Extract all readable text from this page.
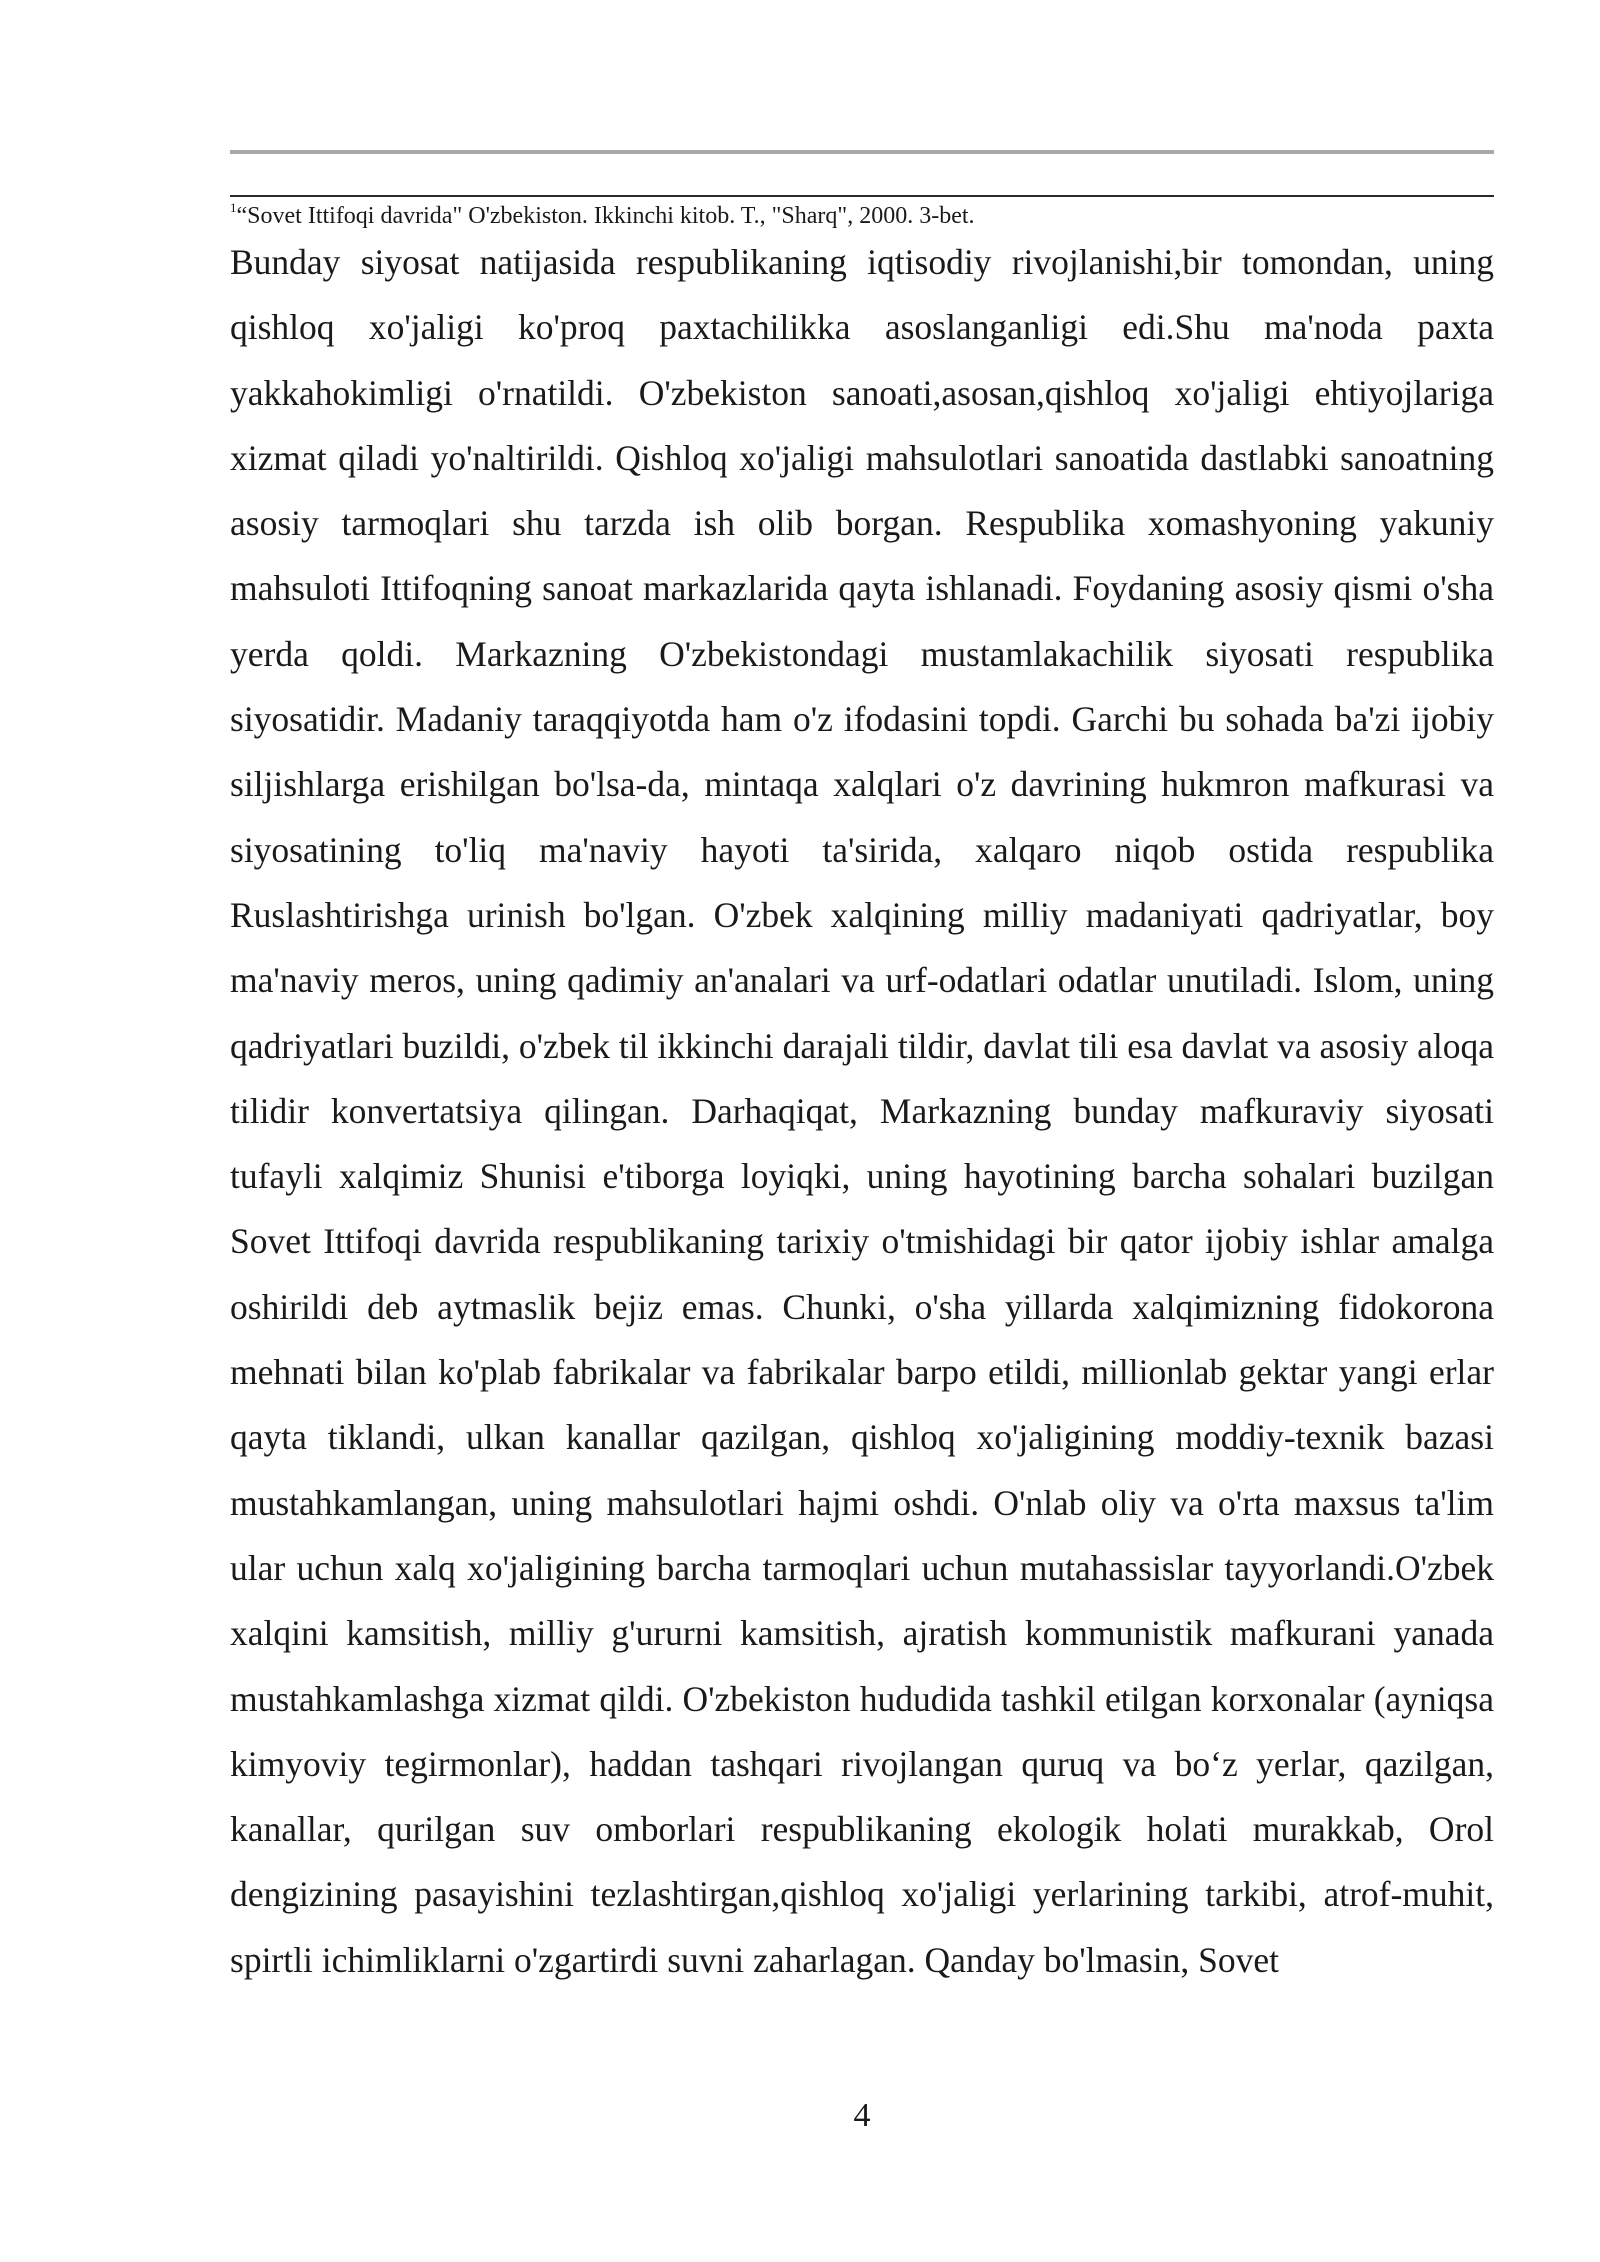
$^1$“Sovet Ittifoqi davrida" O'zbekiston. Ikkinchi kitob. T., "Sharq", 2000. 3-bet.

Bunday siyosat natijasida respublikaning iqtisodiy rivojlanishi,bir tomondan, uning qishloq xo'jaligi ko'proq paxtachilikka asoslanganligi edi.Shu ma'noda paxta yakkahokimligi o'rnatildi. O'zbekiston sanoati,asosan,qishloq xo'jaligi ehtiyojlariga xizmat qiladi yo'naltirildi. Qishloq xo'jaligi mahsulotlari sanoatida dastlabki sanoatning asosiy tarmoqlari shu tarzda ish olib borgan. Respublika xomashyoning yakuniy mahsuloti Ittifoqning sanoat markazlarida qayta ishlanadi. Foydaning asosiy qismi o'sha yerda qoldi. Markazning O'zbekistondagi mustamlakachilik siyosati respublika siyosatidir. Madaniy taraqqiyotda ham o'z ifodasini topdi. Garchi bu sohada ba'zi ijobiy siljishlarga erishilgan bo'lsa-da, mintaqa xalqlari o'z davrining hukmron mafkurasi va siyosatining to'liq ma'naviy hayoti ta'sirida, xalqaro niqob ostida respublika Ruslashtirishga urinish bo'lgan. O'zbek xalqining milliy madaniyati qadriyatlar, boy ma'naviy meros, uning qadimiy an'analari va urf-odatlari odatlar unutiladi. Islom, uning qadriyatlari buzildi, o'zbek til ikkinchi darajali tildir, davlat tili esa davlat va asosiy aloqa tilidir konvertatsiya qilingan. Darhaqiqat, Markazning bunday mafkuraviy siyosati tufayli xalqimiz Shunisi e'tiborga loyiqki, uning hayotining barcha sohalari buzilgan Sovet Ittifoqi davrida respublikaning tarixiy o'tmishidagi bir qator ijobiy ishlar amalga oshirildi deb aytmaslik bejiz emas. Chunki, o'sha yillarda xalqimizning fidokorona mehnati bilan ko'plab fabrikalar va fabrikalar barpo etildi, millionlab gektar yangi erlar qayta tiklandi, ulkan kanallar qazilgan, qishloq xo'jaligining moddiy-texnik bazasi mustahkamlangan, uning mahsulotlari hajmi oshdi. O'nlab oliy va o'rta maxsus ta'lim ular uchun xalq xo'jaligining barcha tarmoqlari uchun mutahassislar tayyorlandi.O'zbek xalqini kamsitish, milliy g'ururni kamsitish, ajratish kommunistik mafkurani yanada mustahkamlashga xizmat qildi. O'zbekiston hududida tashkil etilgan korxonalar (ayniqsa kimyoviy tegirmonlar), haddan tashqari rivojlangan quruq va bo‘z yerlar, qazilgan, kanallar, qurilgan suv omborlari respublikaning ekologik holati murakkab, Orol dengizining pasayishini tezlashtirgan,qishloq xo'jaligi yerlarining tarkibi, atrof-muhit, spirtli ichimliklarni o'zgartirdi suvni zaharlagan. Qanday bo'lmasin, Sovet

4
